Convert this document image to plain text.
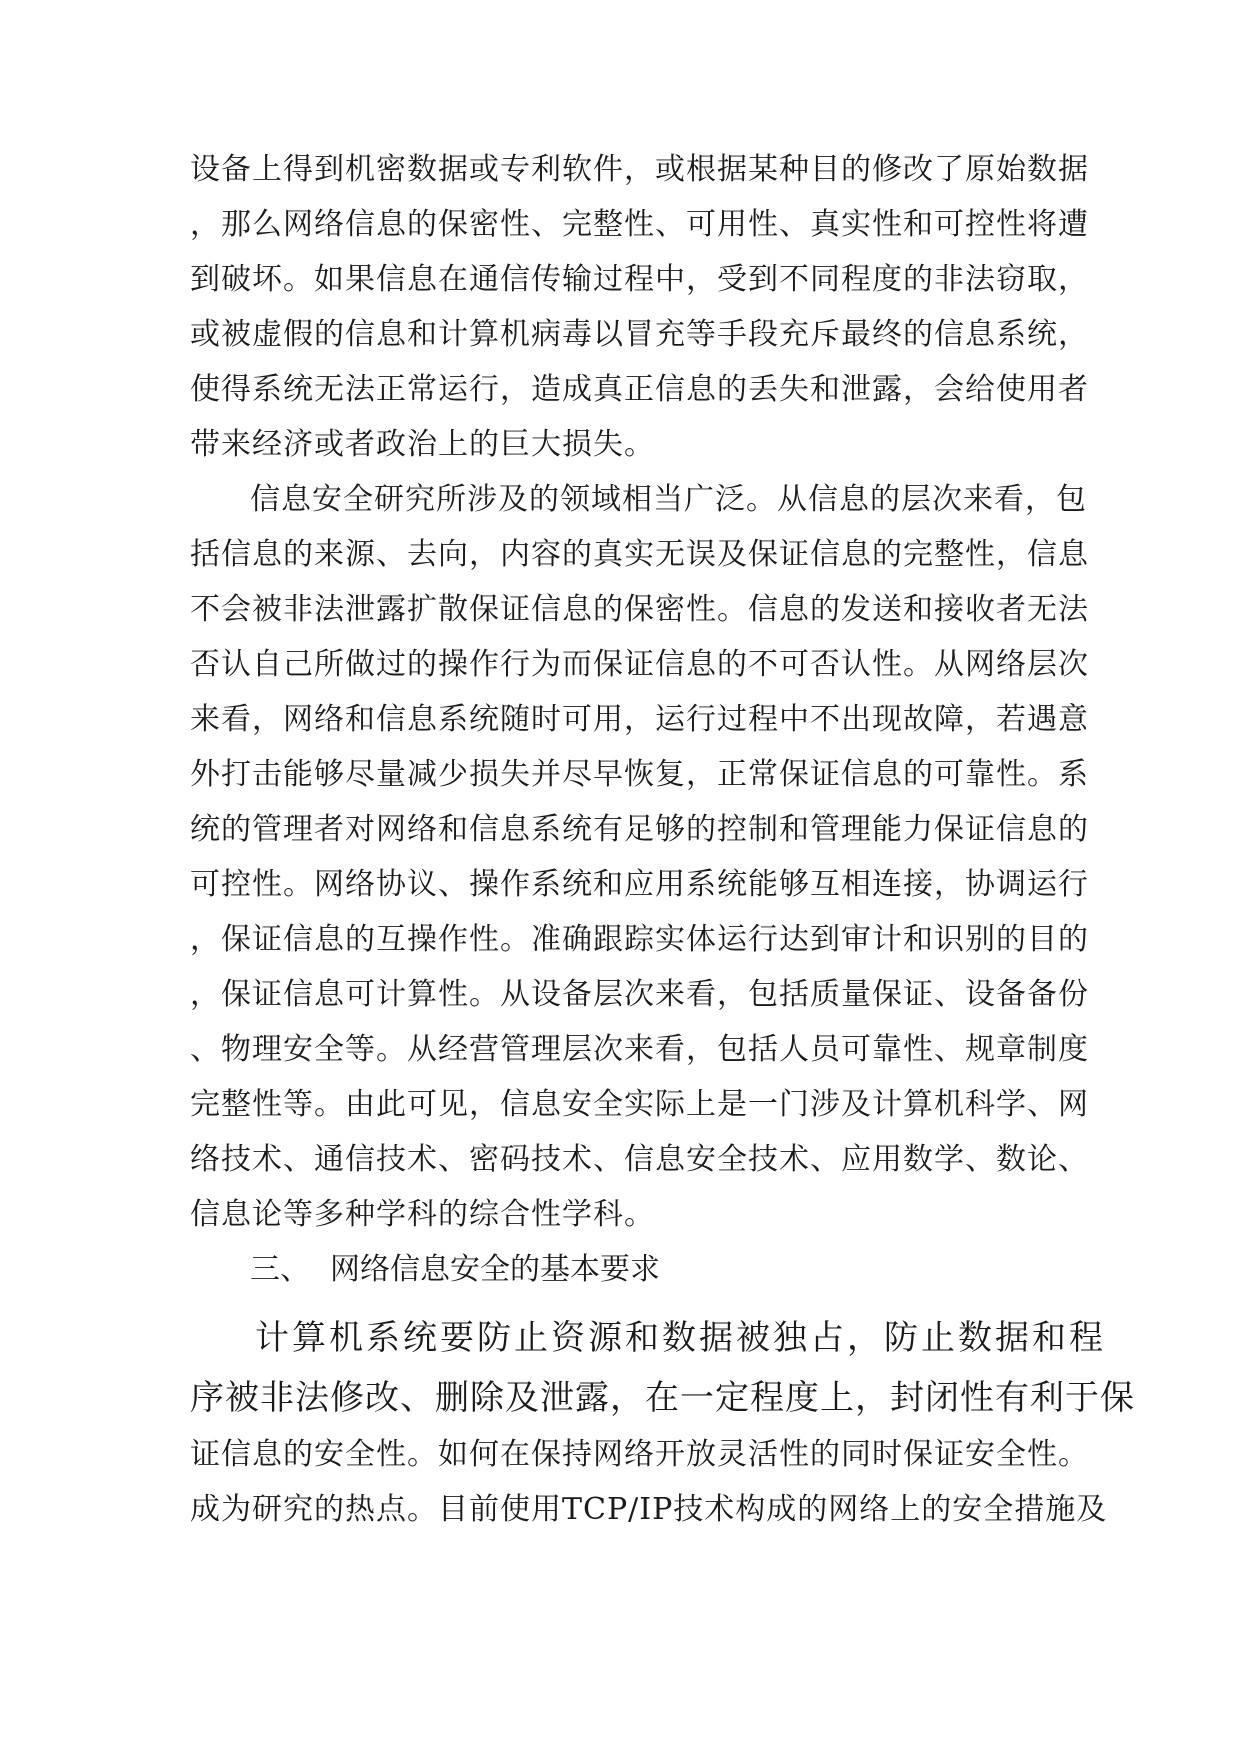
设备上得到机密数据或专利软件，或根据某种目的修改了原始数据
，那么网络信息的保密性、完整性、可用性、真实性和可控性将遭
到破坏。如果信息在通信传输过程中，受到不同程度的非法窃取，
或被虚假的信息和计算机病毒以冒充等手段充斥最终的信息系统，
使得系统无法正常运行，造成真正信息的丢失和泄露，会给使用者
带来经济或者政治上的巨大损失。
信息安全研究所涉及的领域相当广泛。从信息的层次来看，包
括信息的来源、去向，内容的真实无误及保证信息的完整性，信息
不会被非法泄露扩散保证信息的保密性。信息的发送和接收者无法
否认自己所做过的操作行为而保证信息的不可否认性。从网络层次
来看，网络和信息系统随时可用，运行过程中不出现故障，若遇意
外打击能够尽量减少损失并尽早恢复，正常保证信息的可靠性。系
统的管理者对网络和信息系统有足够的控制和管理能力保证信息的
可控性。网络协议、操作系统和应用系统能够互相连接，协调运行
，保证信息的互操作性。准确跟踪实体运行达到审计和识别的目的
，保证信息可计算性。从设备层次来看，包括质量保证、设备备份
、物理安全等。从经营管理层次来看，包括人员可靠性、规章制度
完整性等。由此可见，信息安全实际上是一门涉及计算机科学、网
络技术、通信技术、密码技术、信息安全技术、应用数学、数论、
信息论等多种学科的综合性学科。
三、 网络信息安全的基本要求
计算机系统要防止资源和数据被独占，防止数据和程
序被非法修改、删除及泄露，在一定程度上，封闭性有利于保
证信息的安全性。如何在保持网络开放灵活性的同时保证安全性。
成为研究的热点。目前使用TCP/IP技术构成的网络上的安全措施及
